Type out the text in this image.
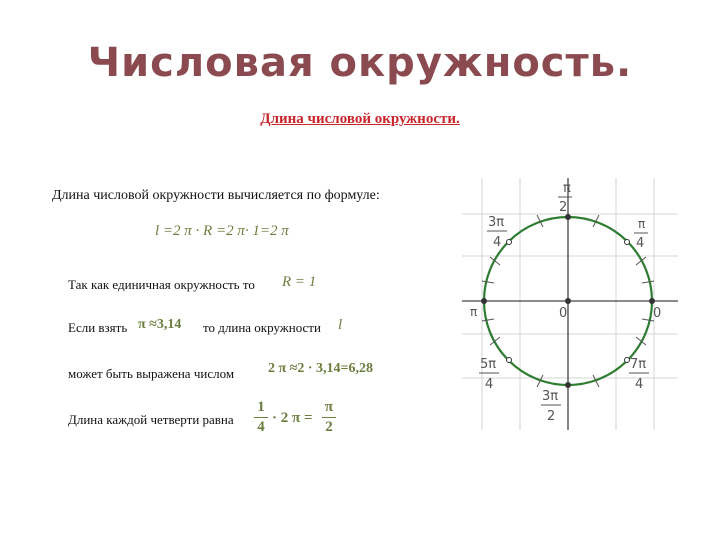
Числовая окружность.
Длина числовой окружности.
Длина числовой окружности вычисляется по формуле:
l =2 π · R =2 π· 1=2 π
Так как единичная окружность то R = 1
Если взять π ≈3,14 то длина окружности l
может быть выражена числом 2 π ≈2 · 3,14=6,28
Длина каждой четверти равна
1
4
· 2 π =
π
2
π
2
π
4
3π
4
π	0	0
5π
4
7π
4
3π
2
